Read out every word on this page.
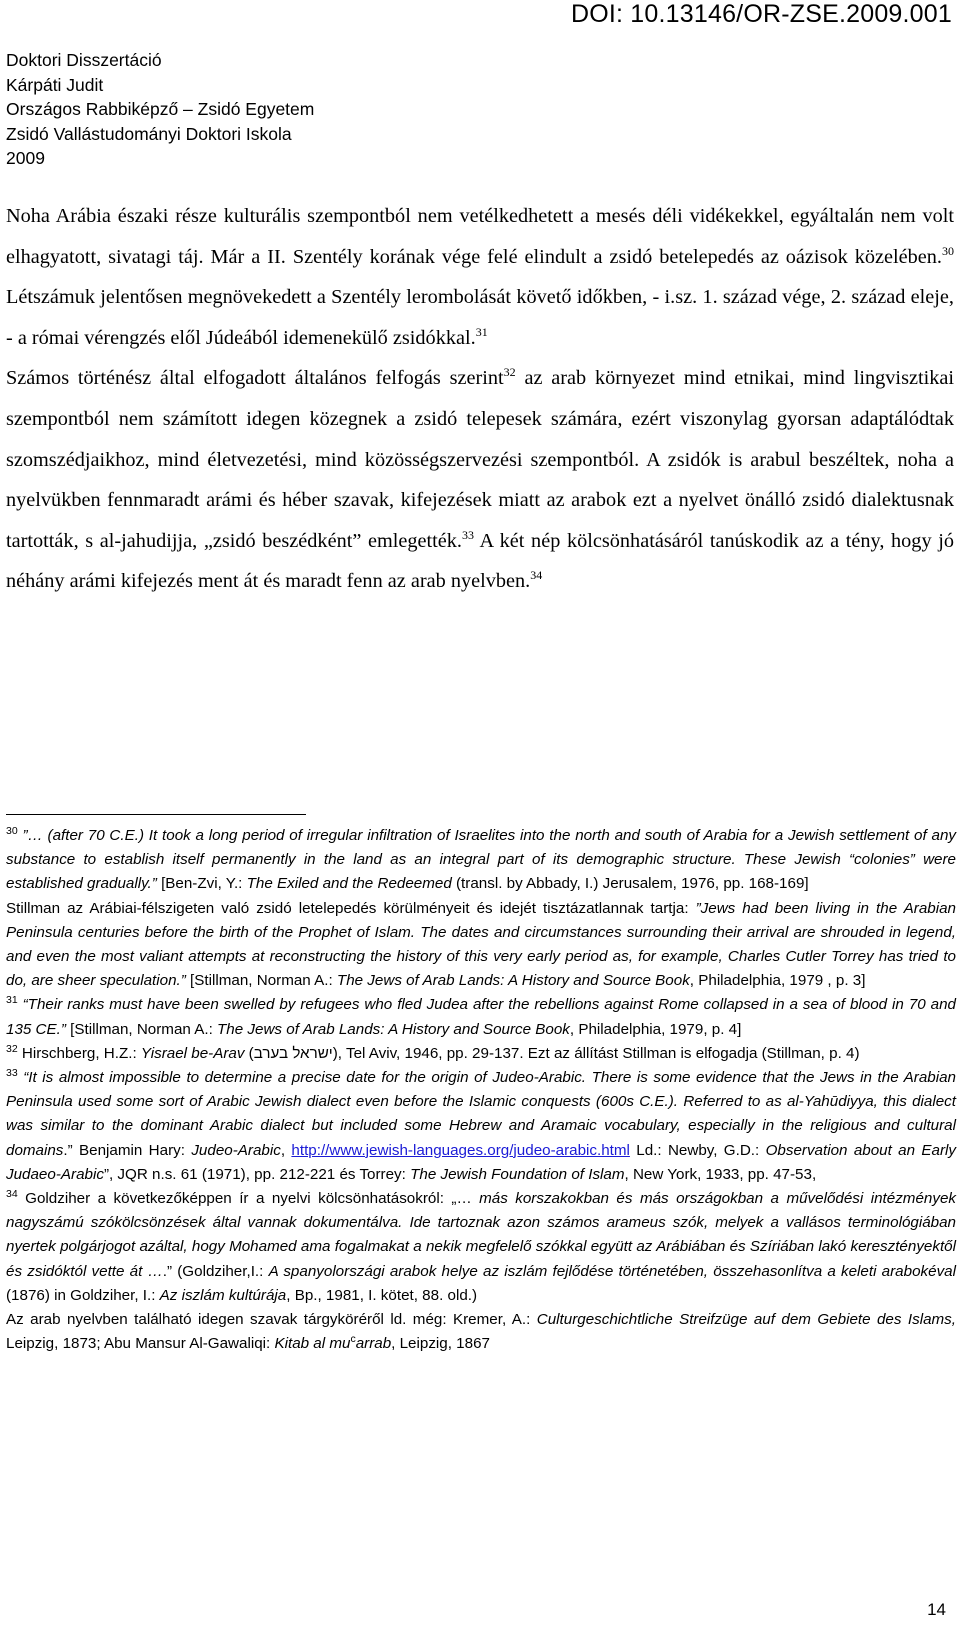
DOI: 10.13146/OR-ZSE.2009.001
Doktori Disszertáció
Kárpáti Judit
Országos Rabbiképző – Zsidó Egyetem
Zsidó Vallástudományi Doktori Iskola
2009

Noha Arábia északi része kulturális szempontból nem vetélkedhetett a mesés déli vidékekkel, egyáltalán nem volt elhagyatott, sivatagi táj. Már a II. Szentély korának vége felé elindult a zsidó betelepedés az oázisok közelében.$^{30}$ Létszámuk jelentősen megnövekedett a Szentély lerombolását követő időkben, - i.sz. 1. század vége, 2. század eleje, - a római vérengzés elől Júdeából idemenekülő zsidókkal.$^{31}$

Számos történész által elfogadott általános felfogás szerint$^{32}$ az arab környezet mind etnikai, mind lingvisztikai szempontból nem számított idegen közegnek a zsidó telepesek számára, ezért viszonylag gyorsan adaptálódtak szomszédjaikhoz, mind életvezetési, mind közösségszervezési szempontból. A zsidók is arabul beszéltek, noha a nyelvükben fennmaradt arámi és héber szavak, kifejezések miatt az arabok ezt a nyelvet önálló zsidó dialektusnak tartották, s al-jahudijja, „zsidó beszédként” emlegették.$^{33}$ A két nép kölcsönhatásáról tanúskodik az a tény, hogy jó néhány arámi kifejezés ment át és maradt fenn az arab nyelvben.$^{34}$

$^{30}$ ”… (after 70 C.E.) It took a long period of irregular infiltration of Israelites into the north and south of Arabia for a Jewish settlement of any substance to establish itself permanently in the land as an integral part of its demographic structure. These Jewish “colonies” were established gradually.” [Ben-Zvi, Y.: The Exiled and the Redeemed (transl. by Abbady, I.) Jerusalem, 1976, pp. 168-169]

Stillman az Arábiai-félszigeten való zsidó letelepedés körülményeit és idejét tisztázatlannak tartja: ”Jews had been living in the Arabian Peninsula centuries before the birth of the Prophet of Islam. The dates and circumstances surrounding their arrival are shrouded in legend, and even the most valiant attempts at reconstructing the history of this very early period as, for example, Charles Cutler Torrey has tried to do, are sheer speculation.” [Stillman, Norman A.: The Jews of Arab Lands: A History and Source Book, Philadelphia, 1979 , p. 3]

$^{31}$ “Their ranks must have been swelled by refugees who fled Judea after the rebellions against Rome collapsed in a sea of blood in 70 and 135 CE.” [Stillman, Norman A.: The Jews of Arab Lands: A History and Source Book, Philadelphia, 1979, p. 4]

$^{32}$ Hirschberg, H.Z.: Yisrael be-Arav (ישראל בערב), Tel Aviv, 1946, pp. 29-137. Ezt az állítást Stillman is elfogadja (Stillman, p. 4)

$^{33}$ “It is almost impossible to determine a precise date for the origin of Judeo-Arabic. There is some evidence that the Jews in the Arabian Peninsula used some sort of Arabic Jewish dialect even before the Islamic conquests (600s C.E.). Referred to as al-Yahūdiyya, this dialect was similar to the dominant Arabic dialect but included some Hebrew and Aramaic vocabulary, especially in the religious and cultural domains.” Benjamin Hary: Judeo-Arabic, http://www.jewish-languages.org/judeo-arabic.html Ld.: Newby, G.D.: Observation about an Early Judaeo-Arabic”, JQR n.s. 61 (1971), pp. 212-221 és Torrey: The Jewish Foundation of Islam, New York, 1933, pp. 47-53,

$^{34}$ Goldziher a következőképpen ír a nyelvi kölcsönhatásokról: „… más korszakokban és más országokban a művelődési intézmények nagyszámú szókölcsönzések által vannak dokumentálva. Ide tartoznak azon számos arameus szók, melyek a vallásos terminológiában nyertek polgárjogot azáltal, hogy Mohamed ama fogalmakat a nekik megfelelő szókkal együtt az Arábiában és Szíriában lakó keresztényektől és zsidóktól vette át ….” (Goldziher,I.: A spanyolországi arabok helye az iszlám fejlődése történetében, összehasonlítva a keleti arabokéval (1876) in Goldziher, I.: Az iszlám kultúrája, Bp., 1981, I. kötet, 88. old.)

Az arab nyelvben található idegen szavak tárgyköréről ld. még: Kremer, A.: Culturgeschichtliche Streifzüge auf dem Gebiete des Islams, Leipzig, 1873; Abu Mansur Al-Gawaliqi: Kitab al $mu^carrab$, Leipzig, 1867

14
